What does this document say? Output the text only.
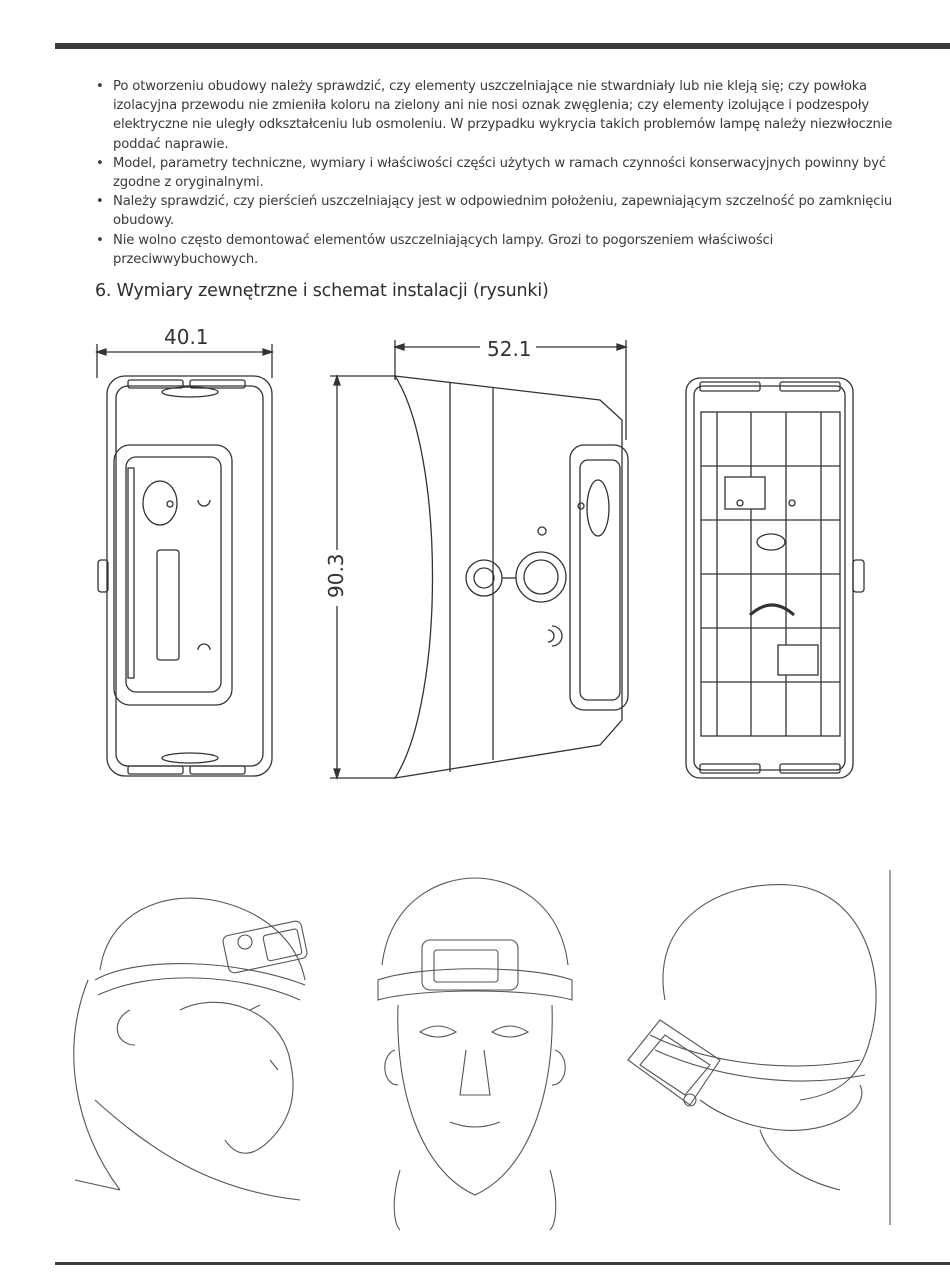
• Po otworzeniu obudowy należy sprawdzić, czy elementy uszczelniające nie stwardniały lub nie kleją się; czy powłoka izolacyjna przewodu nie zmieniła koloru na zielony ani nie nosi oznak zwęglenia; czy elementy izolujące i podzespoły elektryczne nie uległy odkształceniu lub osmoleniu. W przypadku wykrycia takich problemów lampę należy niezwłocznie poddać naprawie.
• Model, parametry techniczne, wymiary i właściwości części użytych w ramach czynności konserwacyjnych powinny być zgodne z oryginalnymi.
• Należy sprawdzić, czy pierścień uszczelniający jest w odpowiednim położeniu, zapewniającym szczelność po zamknięciu obudowy.
• Nie wolno często demontować elementów uszczelniających lampy. Grozi to pogorszeniem właściwości przeciwwybuchowych.
6. Wymiary zewnętrzne i schemat instalacji (rysunki)
40.1	52.1
90.3
